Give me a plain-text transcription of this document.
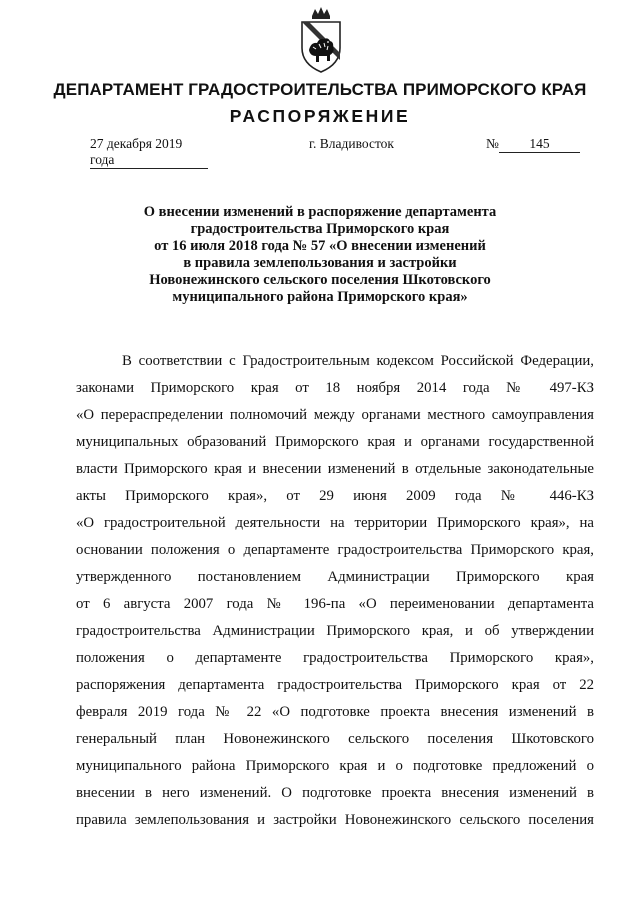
ДЕПАРТАМЕНТ ГРАДОСТРОИТЕЛЬСТВА ПРИМОРСКОГО КРАЯ
РАСПОРЯЖЕНИЕ
27 декабря 2019 года
г. Владивосток	№	145
О внесении изменений в распоряжение департамента
градостроительства Приморского края
от 16 июля 2018 года № 57 «О внесении изменений
в правила землепользования и застройки
Новонежинского сельского поселения Шкотовского
муниципального района Приморского края»
В соответствии с Градостроительным кодексом Российской Федерации,
законами Приморского края от 18 ноября 2014 года № 497-КЗ
«О перераспределении полномочий между органами местного самоуправления
муниципальных образований Приморского края и органами государственной
власти Приморского края и внесении изменений в отдельные законодательные
акты Приморского края», от 29 июня 2009 года № 446-КЗ
«О градостроительной деятельности на территории Приморского края», на
основании положения о департаменте градостроительства Приморского края,
утвержденного постановлением Администрации Приморского края
от 6 августа 2007 года № 196-па «О переименовании департамента
градостроительства Администрации Приморского края, и об утверждении
положения о департаменте градостроительства Приморского края»,
распоряжения департамента градостроительства Приморского края от 22
февраля 2019 года № 22 «О подготовке проекта внесения изменений в
генеральный план Новонежинского сельского поселения Шкотовского
муниципального района Приморского края и о подготовке предложений о
внесении в него изменений. О подготовке проекта внесения изменений в
правила землепользования и застройки Новонежинского сельского поселения
